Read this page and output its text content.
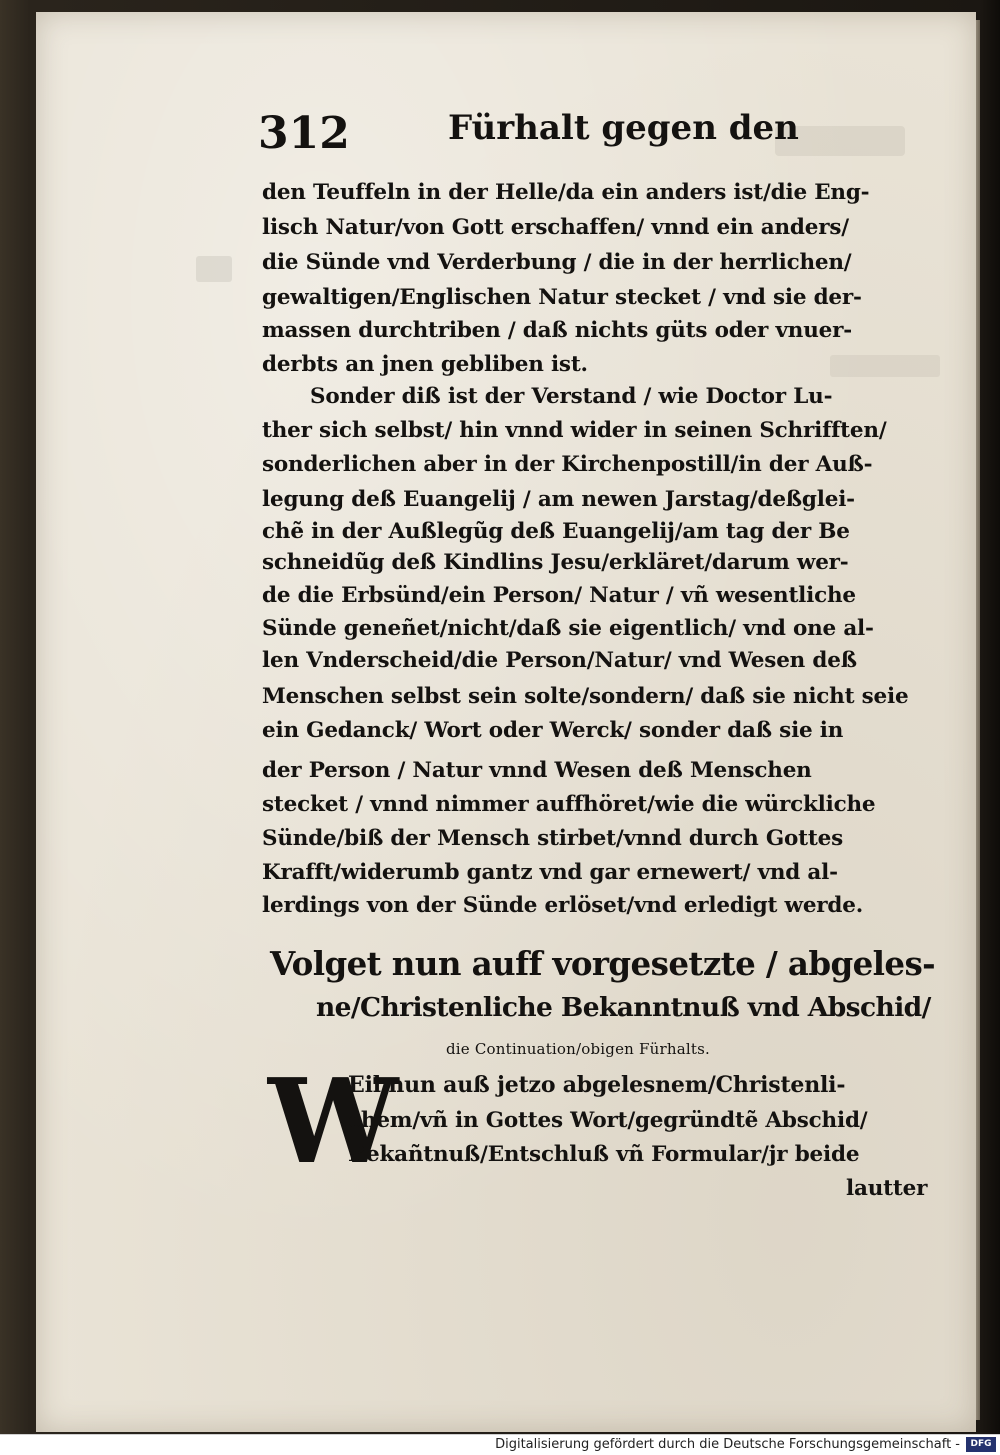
312	Fürhalt gegen den
den Teuffeln in der Helle/da ein anders ist/die Eng-
lisch Natur/von Gott erschaffen/ vnnd ein anders/
die Sünde vnd Verderbung / die in der herrlichen/
gewaltigen/Englischen Natur stecket / vnd sie der-
massen durchtriben / daß nichts güts oder vnuer-
derbts an jnen gebliben ist.
Sonder diß ist der Verstand / wie Doctor Lu-
ther sich selbst/ hin vnnd wider in seinen Schrifften/
sonderlichen aber in der Kirchenpostill/in der Auß-
legung deß Euangelij / am newen Jarstag/deßglei-
chẽ in der Außlegũg deß Euangelij/am tag der Be
schneidũg deß Kindlins Jesu/erkläret/darum wer-
de die Erbsünd/ein Person/ Natur / vñ wesentliche
Sünde geneñet/nicht/daß sie eigentlich/ vnd one al-
len Vnderscheid/die Person/Natur/ vnd Wesen deß
Menschen selbst sein solte/sondern/ daß sie nicht seie
ein Gedanck/ Wort oder Werck/ sonder daß sie in
der Person / Natur vnnd Wesen deß Menschen
stecket / vnnd nimmer auffhöret/wie die würckliche
Sünde/biß der Mensch stirbet/vnnd durch Gottes
Krafft/widerumb gantz vnd gar ernewert/ vnd al-
lerdings von der Sünde erlöset/vnd erledigt werde.
Volget nun auff vorgesetzte / abgeles-
ne/Christenliche Bekanntnuß vnd Abschid/
die Continuation/obigen Fürhalts.
W
Eil nun auß jetzo abgelesnem/Christenli-
chem/vñ in Gottes Wort/gegründtẽ Abschid/
Bekañtnuß/Entschluß vñ Formular/jr beide
lautter
Digitalisierung gefördert durch die Deutsche Forschungsgemeinschaft -	DFG
